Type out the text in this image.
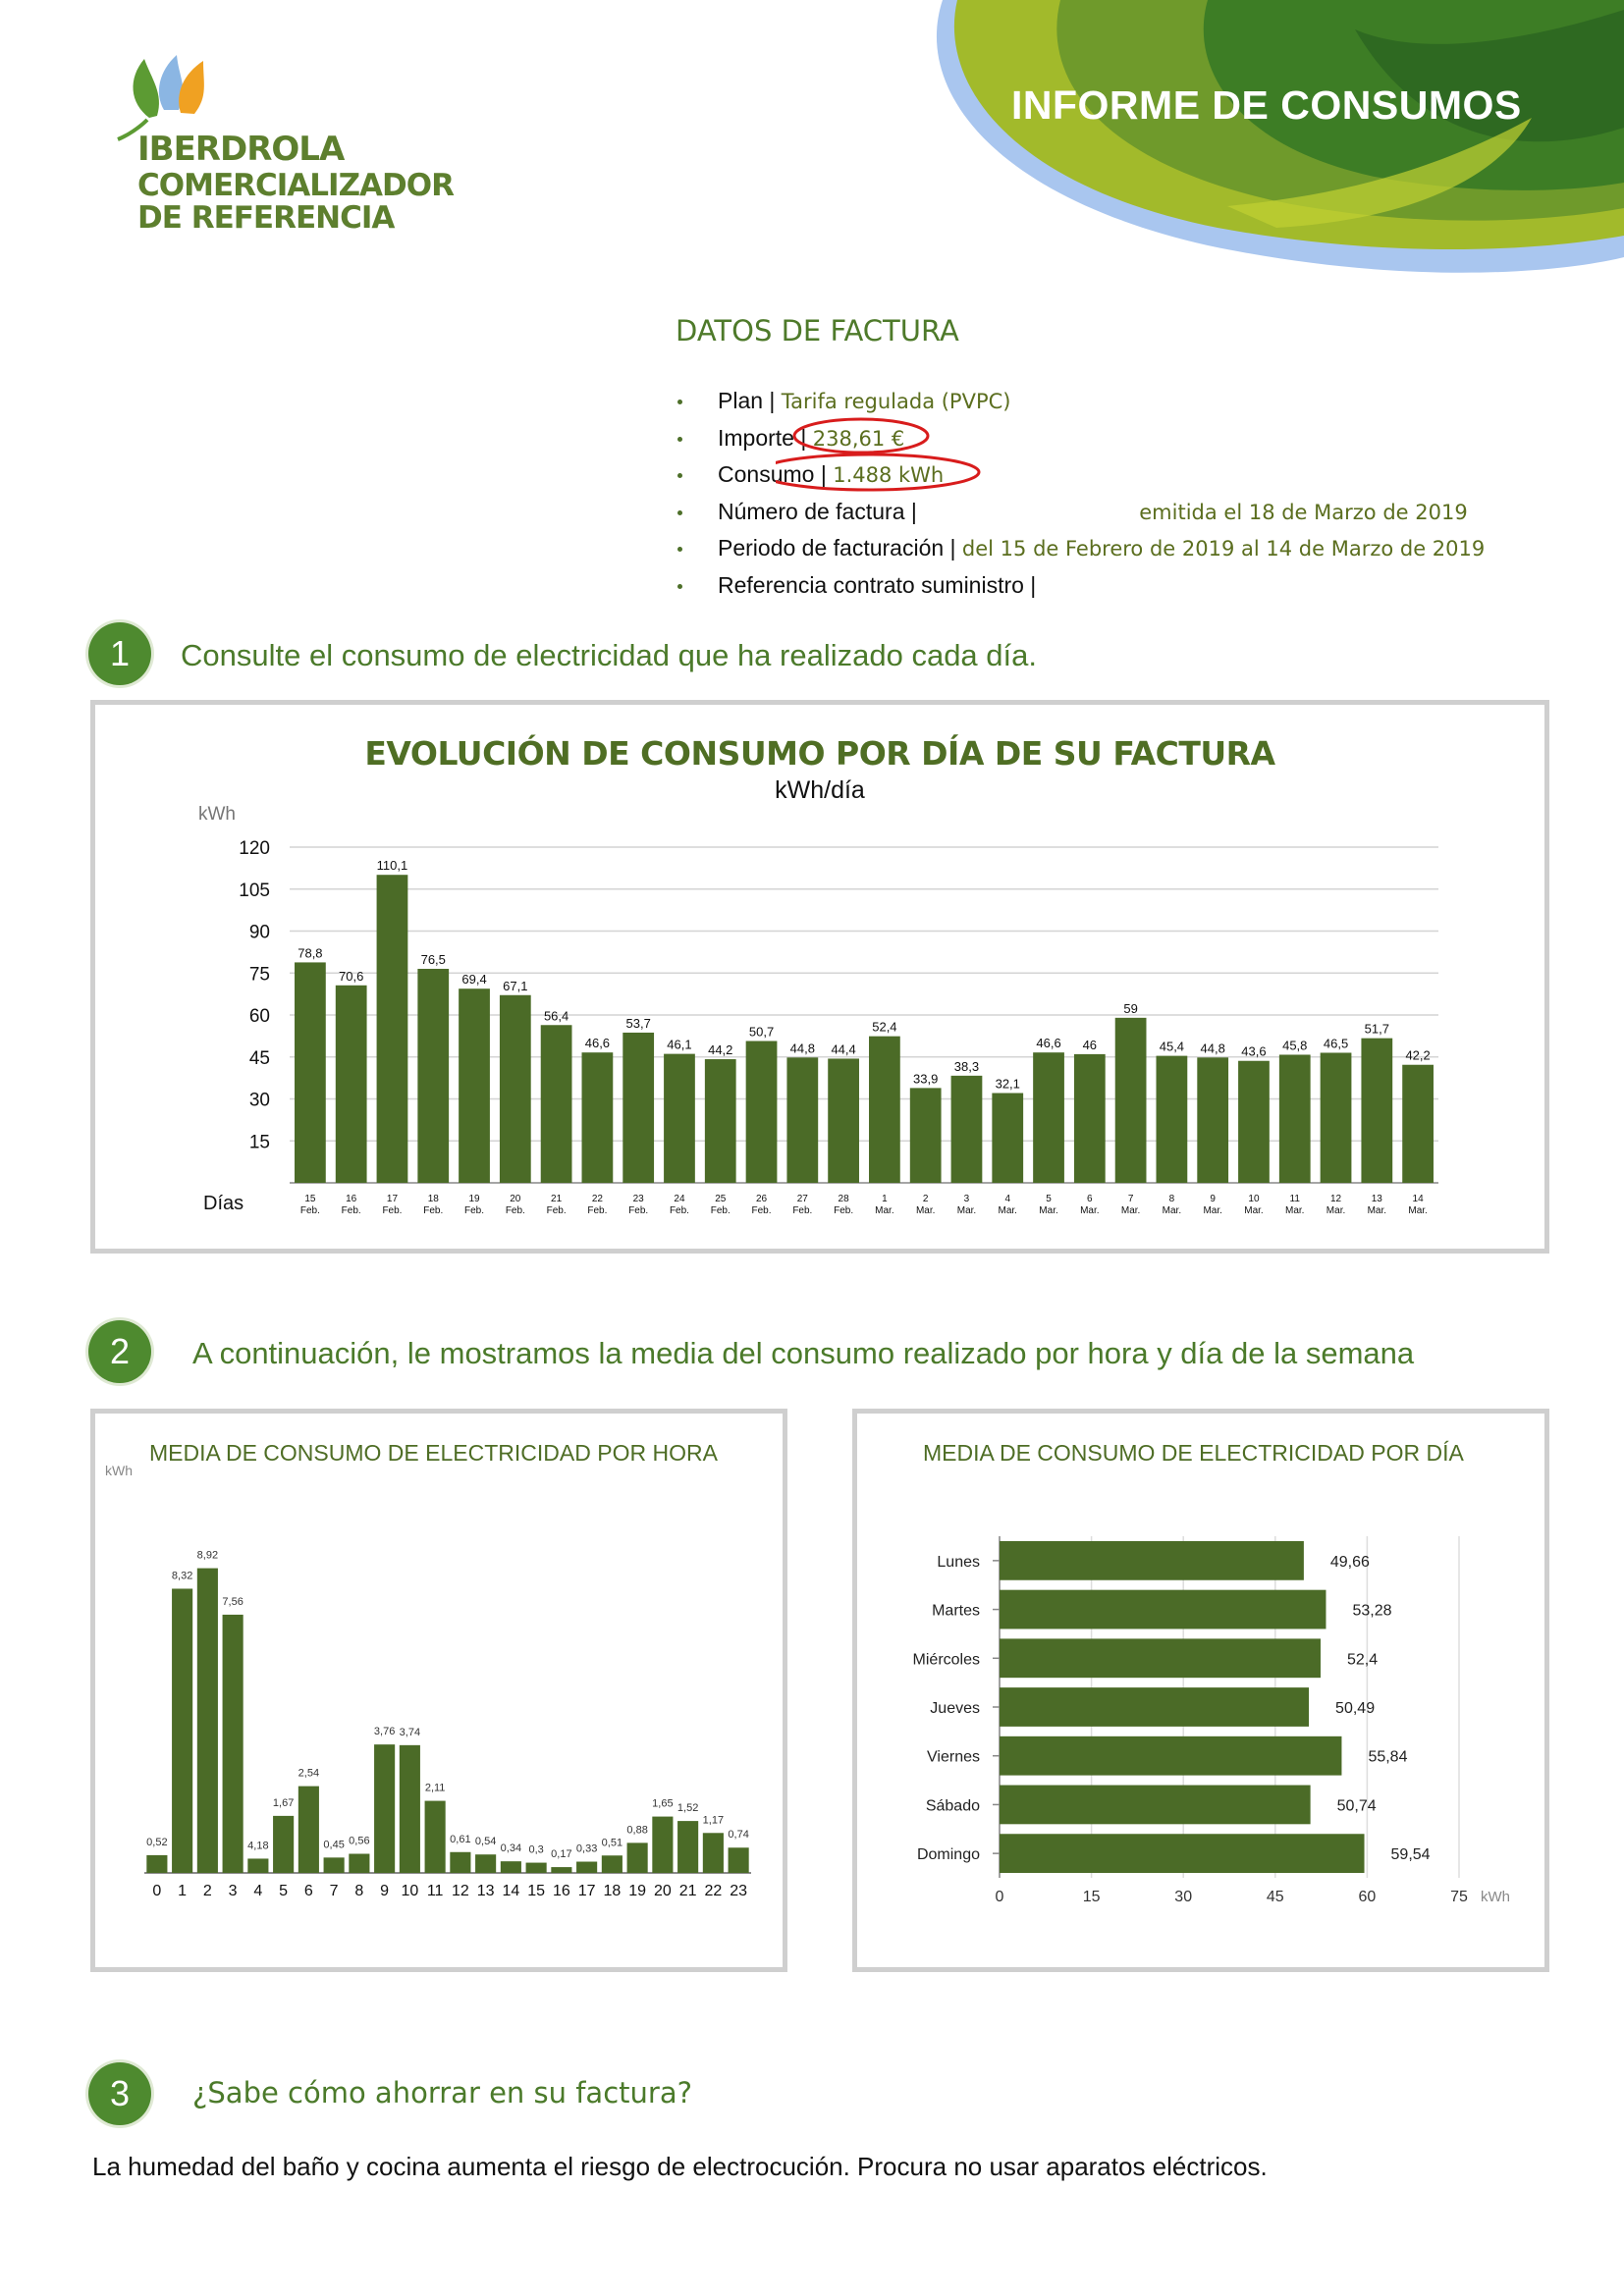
IBERDROLA
COMERCIALIZADOR
DE REFERENCIA
INFORME DE CONSUMOS
DATOS DE FACTURA
Plan | Tarifa regulada (PVPC)
Importe | 238,61 €
Consumo | 1.488 kWh
Número de factura |	emitida el 18 de Marzo de 2019
Periodo de facturación | del 15 de Febrero de 2019 al 14 de Marzo de 2019
Referencia contrato suministro |
1	Consulte el consumo de electricidad que ha realizado cada día.
EVOLUCIÓN DE CONSUMO POR DÍA DE SU FACTURA
kWh/día
kWh
15
30
45
60
75
90
105
120
Días
78,8
15
Feb.
70,6
16
Feb.
110,1
17
Feb.
76,5
18
Feb.
69,4
19
Feb.
67,1
20
Feb.
56,4
21
Feb.
46,6
22
Feb.
53,7
23
Feb.
46,1
24
Feb.
44,2
25
Feb.
50,7
26
Feb.
44,8
27
Feb.
44,4
28
Feb.
52,4
1
Mar.
33,9
2
Mar.
38,3
3
Mar.
32,1
4
Mar.
46,6
5
Mar.
46
6
Mar.
59
7
Mar.
45,4
8
Mar.
44,8
9
Mar.
43,6
10
Mar.
45,8
11
Mar.
46,5
12
Mar.
51,7
13
Mar.
42,2
14
Mar.
2	A continuación, le mostramos la media del consumo realizado por hora y día de la semana
MEDIA DE CONSUMO DE ELECTRICIDAD POR HORA
kWh
0,52
0
8,32
1
8,92
2
7,56
3
4,18
4
1,67
5
2,54
6
0,45
7
0,56
8
3,76
9
3,74
10
2,11
11
0,61
12
0,54
13
0,34
14
0,3
15
0,17
16
0,33
17
0,51
18
0,88
19
1,65
20
1,52
21
1,17
22
0,74
23
MEDIA DE CONSUMO DE ELECTRICIDAD POR DÍA
0	15	30	45	60	75 kWh
Lunes	49,66
Martes	53,28
Miércoles	52,4
Jueves	50,49
Viernes	55,84
Sábado	50,74
Domingo	59,54
3	¿Sabe cómo ahorrar en su factura?
La humedad del baño y cocina aumenta el riesgo de electrocución. Procura no usar aparatos eléctricos.
